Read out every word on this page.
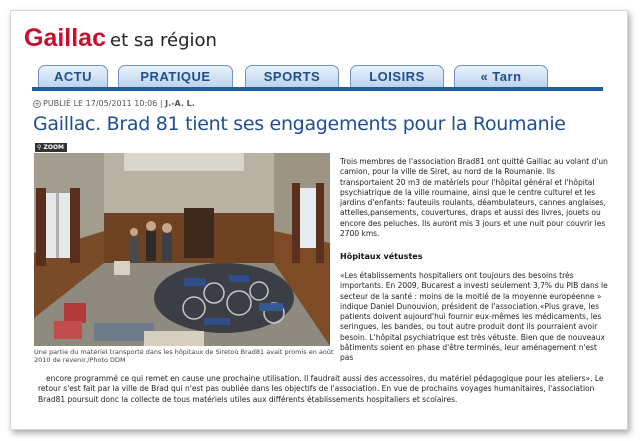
Gaillac et sa région
ACTU	PRATIQUE	SPORTS	LOISIRS	« Tarn
+ PUBLIÉ LE 17/05/2011 10:06 | J.-A. L.
Gaillac. Brad 81 tient ses engagements pour la Roumanie
⚲ ZOOM
Une partie du matériel transporté dans les hôpitaux de Siretoù Brad81 avait promis en août 2010 de revenir./Photo DDM
Trois membres de l'association Brad81 ont quitté Gaillac au volant d'un camion, pour la ville de Siret, au nord de la Roumanie. Ils transportaient 20 m3 de matériels pour l'hôpital général et l'hôpital psychiatrique de la ville roumaine, ainsi que le centre culturel et les jardins d'enfants: fauteuils roulants, déambulateurs, cannes anglaises, attelles,pansements, couvertures, draps et aussi des livres, jouets ou encore des peluches. Ils auront mis 3 jours et une nuit pour couvrir les 2700 kms.
Hôpitaux vétustes
«Les établissements hospitaliers ont toujours des besoins très importants. En 2009, Bucarest a investi seulement 3,7% du PIB dans le secteur de la santé : moins de la moitié de la moyenne européenne » indique Daniel Dunouvion, président de l'association.«Plus grave, les patients doivent aujourd'hui fournir eux-mêmes les médicaments, les seringues, les bandes, ou tout autre produit dont ils pourraient avoir besoin. L'hôpital psychiatrique est très vétuste. Bien que de nouveaux bâtiments soient en phase d'être terminés, leur aménagement n'est pas
encore programmé ce qui remet en cause une prochaine utilisation. Il faudrait aussi des accessoires, du matériel pédagogique pour les ateliers». Le retour s'est fait par la ville de Brad qui n'est pas oubliée dans les objectifs de l'association. En vue de prochains voyages humanitaires, l'association Brad81 poursuit donc la collecte de tous matériels utiles aux différents établissements hospitaliers et scolaires.
